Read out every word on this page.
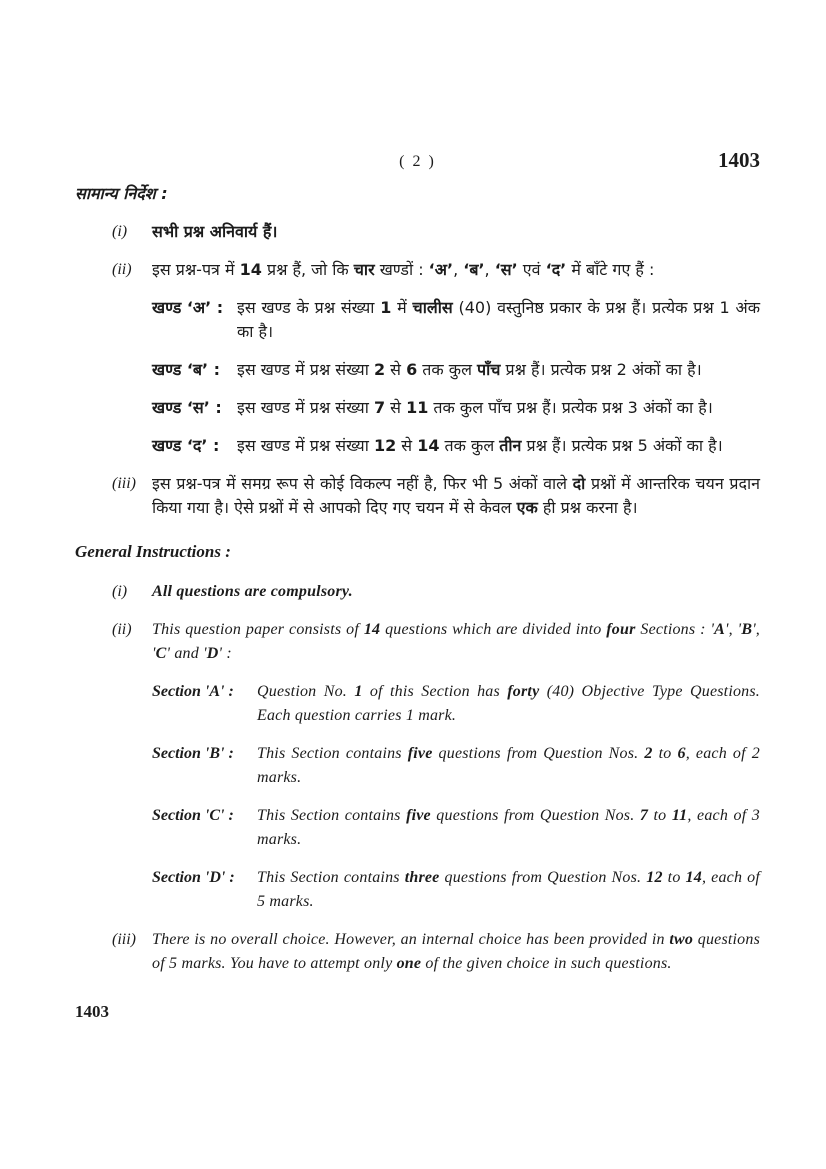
( 2 )	1403
सामान्य निर्देश :
(i)	सभी प्रश्न अनिवार्य हैं।
(ii)	इस प्रश्न-पत्र में 14 प्रश्न हैं, जो कि चार खण्डों : ‘अ’, ‘ब’, ‘स’ एवं ‘द’ में बाँटे गए हैं :
खण्ड ‘अ’ : इस खण्ड के प्रश्न संख्या 1 में चालीस (40) वस्तुनिष्ठ प्रकार के प्रश्न हैं। प्रत्येक प्रश्न 1 अंक का है।
खण्ड ‘ब’ :	इस खण्ड में प्रश्न संख्या 2 से 6 तक कुल पाँच प्रश्न हैं। प्रत्येक प्रश्न 2 अंकों का है।
खण्ड ‘स’ : इस खण्ड में प्रश्न संख्या 7 से 11 तक कुल पाँच प्रश्न हैं। प्रत्येक प्रश्न 3 अंकों का है।
खण्ड ‘द’ :	इस खण्ड में प्रश्न संख्या 12 से 14 तक कुल तीन प्रश्न हैं। प्रत्येक प्रश्न 5 अंकों का है।
(iii)	इस प्रश्न-पत्र में समग्र रूप से कोई विकल्प नहीं है, फिर भी 5 अंकों वाले दो प्रश्नों में आन्तरिक चयन प्रदान किया गया है। ऐसे प्रश्नों में से आपको दिए गए चयन में से केवल एक ही प्रश्न करना है।
General Instructions :
(i)	All questions are compulsory.
(ii)	This question paper consists of 14 questions which are divided into four Sections : 'A', 'B', 'C' and 'D' :
Section 'A' :	Question No. 1 of this Section has forty (40) Objective Type Questions. Each question carries 1 mark.
Section 'B' :	This Section contains five questions from Question Nos. 2 to 6, each of 2 marks.
Section 'C' :	This Section contains five questions from Question Nos. 7 to 11, each of 3 marks.
Section 'D' :	This Section contains three questions from Question Nos. 12 to 14, each of 5 marks.
(iii)	There is no overall choice. However, an internal choice has been provided in two questions of 5 marks. You have to attempt only one of the given choice in such questions.
1403
